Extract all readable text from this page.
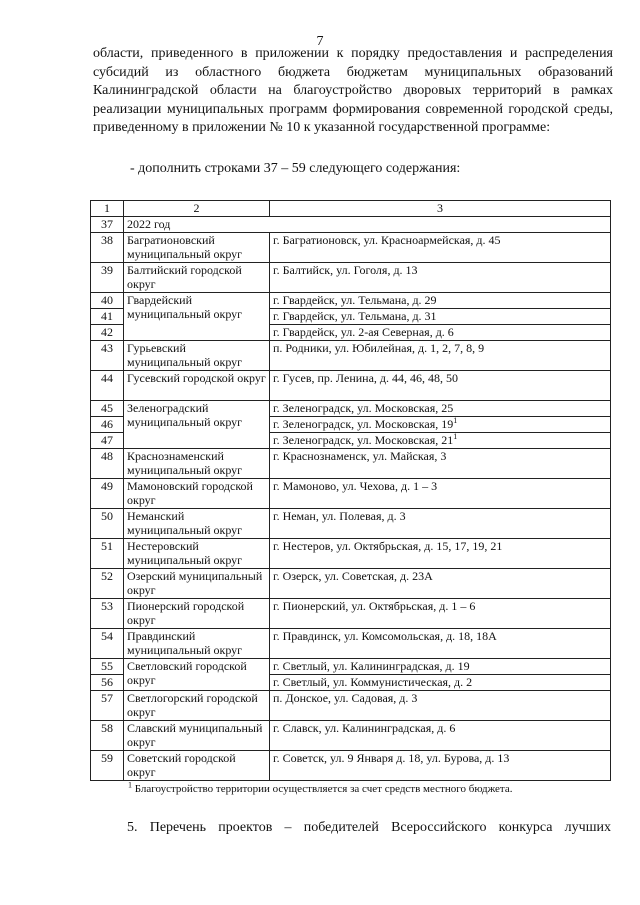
7

области, приведенного в приложении к порядку предоставления и распределения субсидий из областного бюджета бюджетам муниципальных образований Калининградской области на благоустройство дворовых территорий в рамках реализации муниципальных программ формирования современной городской среды, приведенному в приложении № 10 к указанной государственной программе:

- дополнить строками 37 – 59 следующего содержания:
1	2	3
37	2022 год	
38	Багратионовский муниципальный округ	г. Багратионовск, ул. Красноармейская, д. 45
39	Балтийский городской округ	г. Балтийск, ул. Гоголя, д. 13
40	Гвардейский муниципальный округ	г. Гвардейск, ул. Тельмана, д. 29
41		г. Гвардейск, ул. Тельмана, д. 31
42		г. Гвардейск, ул. 2-ая Северная, д. 6
43	Гурьевский муниципальный округ	п. Родники, ул. Юбилейная, д. 1, 2, 7, 8, 9
44	Гусевский городской округ	г. Гусев, пр. Ленина, д. 44, 46, 48, 50
45	Зеленоградский муниципальный округ	г. Зеленоградск, ул. Московская, 25
46		г. Зеленоградск, ул. Московская, $19^1$
47		г. Зеленоградск, ул. Московская, $21^1$
48	Краснознаменский муниципальный округ	г. Краснознаменск, ул. Майская, 3
49	Мамоновский городской округ	г. Мамоново, ул. Чехова, д. 1 – 3
50	Неманский муниципальный округ	г. Неман, ул. Полевая, д. 3
51	Нестеровский муниципальный округ	г. Нестеров, ул. Октябрьская, д. 15, 17, 19, 21
52	Озерский муниципальный округ	г. Озерск, ул. Советская, д. 23А
53	Пионерский городской округ	г. Пионерский, ул. Октябрьская, д. 1 – 6
54	Правдинский муниципальный округ	г. Правдинск, ул. Комсомольская, д. 18, 18А
55	Светловский городской округ	г. Светлый, ул. Калининградская, д. 19
56		г. Светлый, ул. Коммунистическая, д. 2
57	Светлогорский городской округ	п. Донское, ул. Садовая, д. 3
58	Славский муниципальный округ	г. Славск, ул. Калининградская, д. 6
59	Советский городской округ	г. Советск, ул. 9 Января д. 18, ул. Бурова, д. 13
$^1$ Благоустройство территории осуществляется за счет средств местного бюджета.
5. Перечень проектов – победителей Всероссийского конкурса лучших
